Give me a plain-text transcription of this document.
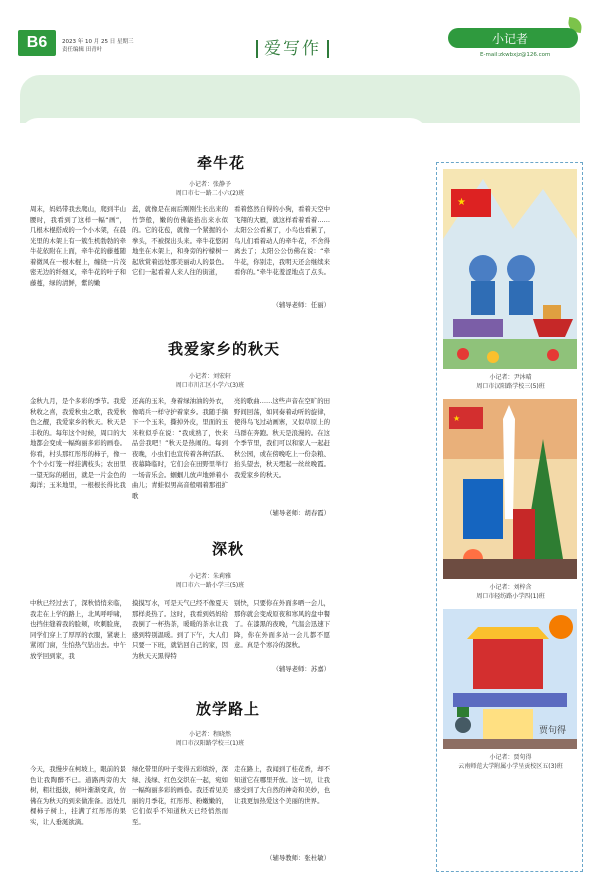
B6	2023 年 10 月 25 日 星期三
责任编辑 田青叶	爱写作
小记者
E-mail:zkwbxjz@126.com
牵牛花
小记者：张静予
周口市七一路二小六(2)班
周末，妈妈带我去爬山，爬到半山腰时，我看到了这样一幅“画”，几根木棍搭成的一个小木架，在晨光里的木架上有一簇生机勃勃的牵牛花依附在上面，牵牛花的藤蔓随着微风在一根木棍上，缠绕一片茂密无边的纤细叉，牵牛花的叶子和藤蔓，绿的清鲜，紫的嫩
蕊，就像是在雨后刚刚生长出来的竹笋般，嫩的仿佛能掐出来水似的。它的花苞，就像一个紧握的小拳头，不被探出头来。牵牛花悠闲地坐在木架上，和身旁的柠檬树一起欣赏着远处那美丽动人的景色。它们一起看着人来人往的街道，
看着悠然自得的小狗，看着天空中飞翔的大雁，就这样看着看着……太阳公公看累了，小鸟也看累了，鸟儿们看着动人的牵牛花，不舍得离去了；太阳公公仿佛在说：“牵牛花，你别走，我明天还会继续来看你的。”牵牛花羞涩地点了点头。
（辅导老师：任丽）
我爱家乡的秋天
小记者：刘宏轩
周口市川汇区小学六(3)班
金秋九月，是个多彩的季节。我爱秋收之喜，我爱秋虫之歌，我爱秋色之靓，我爱家乡的秋天。秋天是丰收的。每年这个时候，周口的大地都会变成一幅绚丽多彩的画卷。你看，村头那红彤彤的柿子，像一个个小灯笼一样挂满枝头；农田里一望无际的稻田，就是一片金色的海洋；玉米地里，一根根长得比我
还高的玉米，身着绿油油的外衣，像哨兵一样守护着家乡。我随手摘下一个玉米，撕掉外皮，里面的玉米粒似乎在说：“我成熟了，快来品尝我吧！”秋天是热闹的。每到夜晚，小虫们也宣传着各种活跃、夜幕降临时，它们会在田野里举行一场音乐会。蝈蝈儿放声地弹着小曲儿；青蛙似男高音般唱着那祖扩歌
亮的歌曲……这些声音在空旷的田野间回荡，如同奏着动听的旋律，使得鸟飞过动画寨，又似草原上的马群在奔跑。秋天是浪漫的。在这个季节里，我们可以和家人一起赶秋公园，或在傍晚吃上一份杂粮、抬头望去，秋天埋起一丝丝晚霞。我爱家乡的秋天。
（辅导老师：胡春霞）
深秋
小记者：朱莉雅
周口市六一路小学三(5)班
中秋已经过去了，深秋悄悄来临，我走在上学的路上，北风呼呼啸，也挡住缝着我的脸颊，吹刺脸庞，同学们穿上了厚厚的衣服，紧裹上紧闭门窗，生怕热气钻出去。中午放学回到家，我
摸摸写水，可是天气已经不像夏天那样炎热了。这时，我看到妈妈给我倒了一杯热茶，暖暖的茶水让我感到特别温暖。到了下午，大人们只要一下班，就钻回自己的家，因为秋天天黑得特
别快，只要你在外面多晒一会儿，那你就会变成原夜和寒风的盘中餐了。在漆黑的夜晚，气温会迅速下降，你在外面多站一会儿都不愿意。真是个寒冷的深秋。
（辅导老师：苏嘉）
放学路上
小记者：程晓然
周口市汉阳路学校三(1)班
今天，我慢步在柯坡上，眼前的景色让我陶醉不已。道路两旁的大树，粗壮挺拔，树叶渐渐变黄，仿佛在为秋天的到来做准备。远处几棵柿子树上，挂满了红彤彤的果实，让人垂涎欲滴。
绿化带里的叶子变得五彩缤纷，深绿、浅绿、红色交织在一起，宛如一幅绚丽多彩的画卷。我还看见美丽的月季花，红彤彤、粉嫩嫩的，它们似乎不知道秋天已经悄然而至。
走在路上，我闻到了桂花香，却不知道它在哪里开放。这一切，让我感受到了大自然的神奇和美妙，也让我更加热爱这个美丽的世界。
（辅导教师：张杜敏）
★
小记者：尹沐晴
周口市汉阳路学校三(5)班
★
小记者：刘梓含
周口市轻纺路小学四(1)班
贾句得
小记者：贾句得
云南师范大学附属小学呈贡校区五(3)班
